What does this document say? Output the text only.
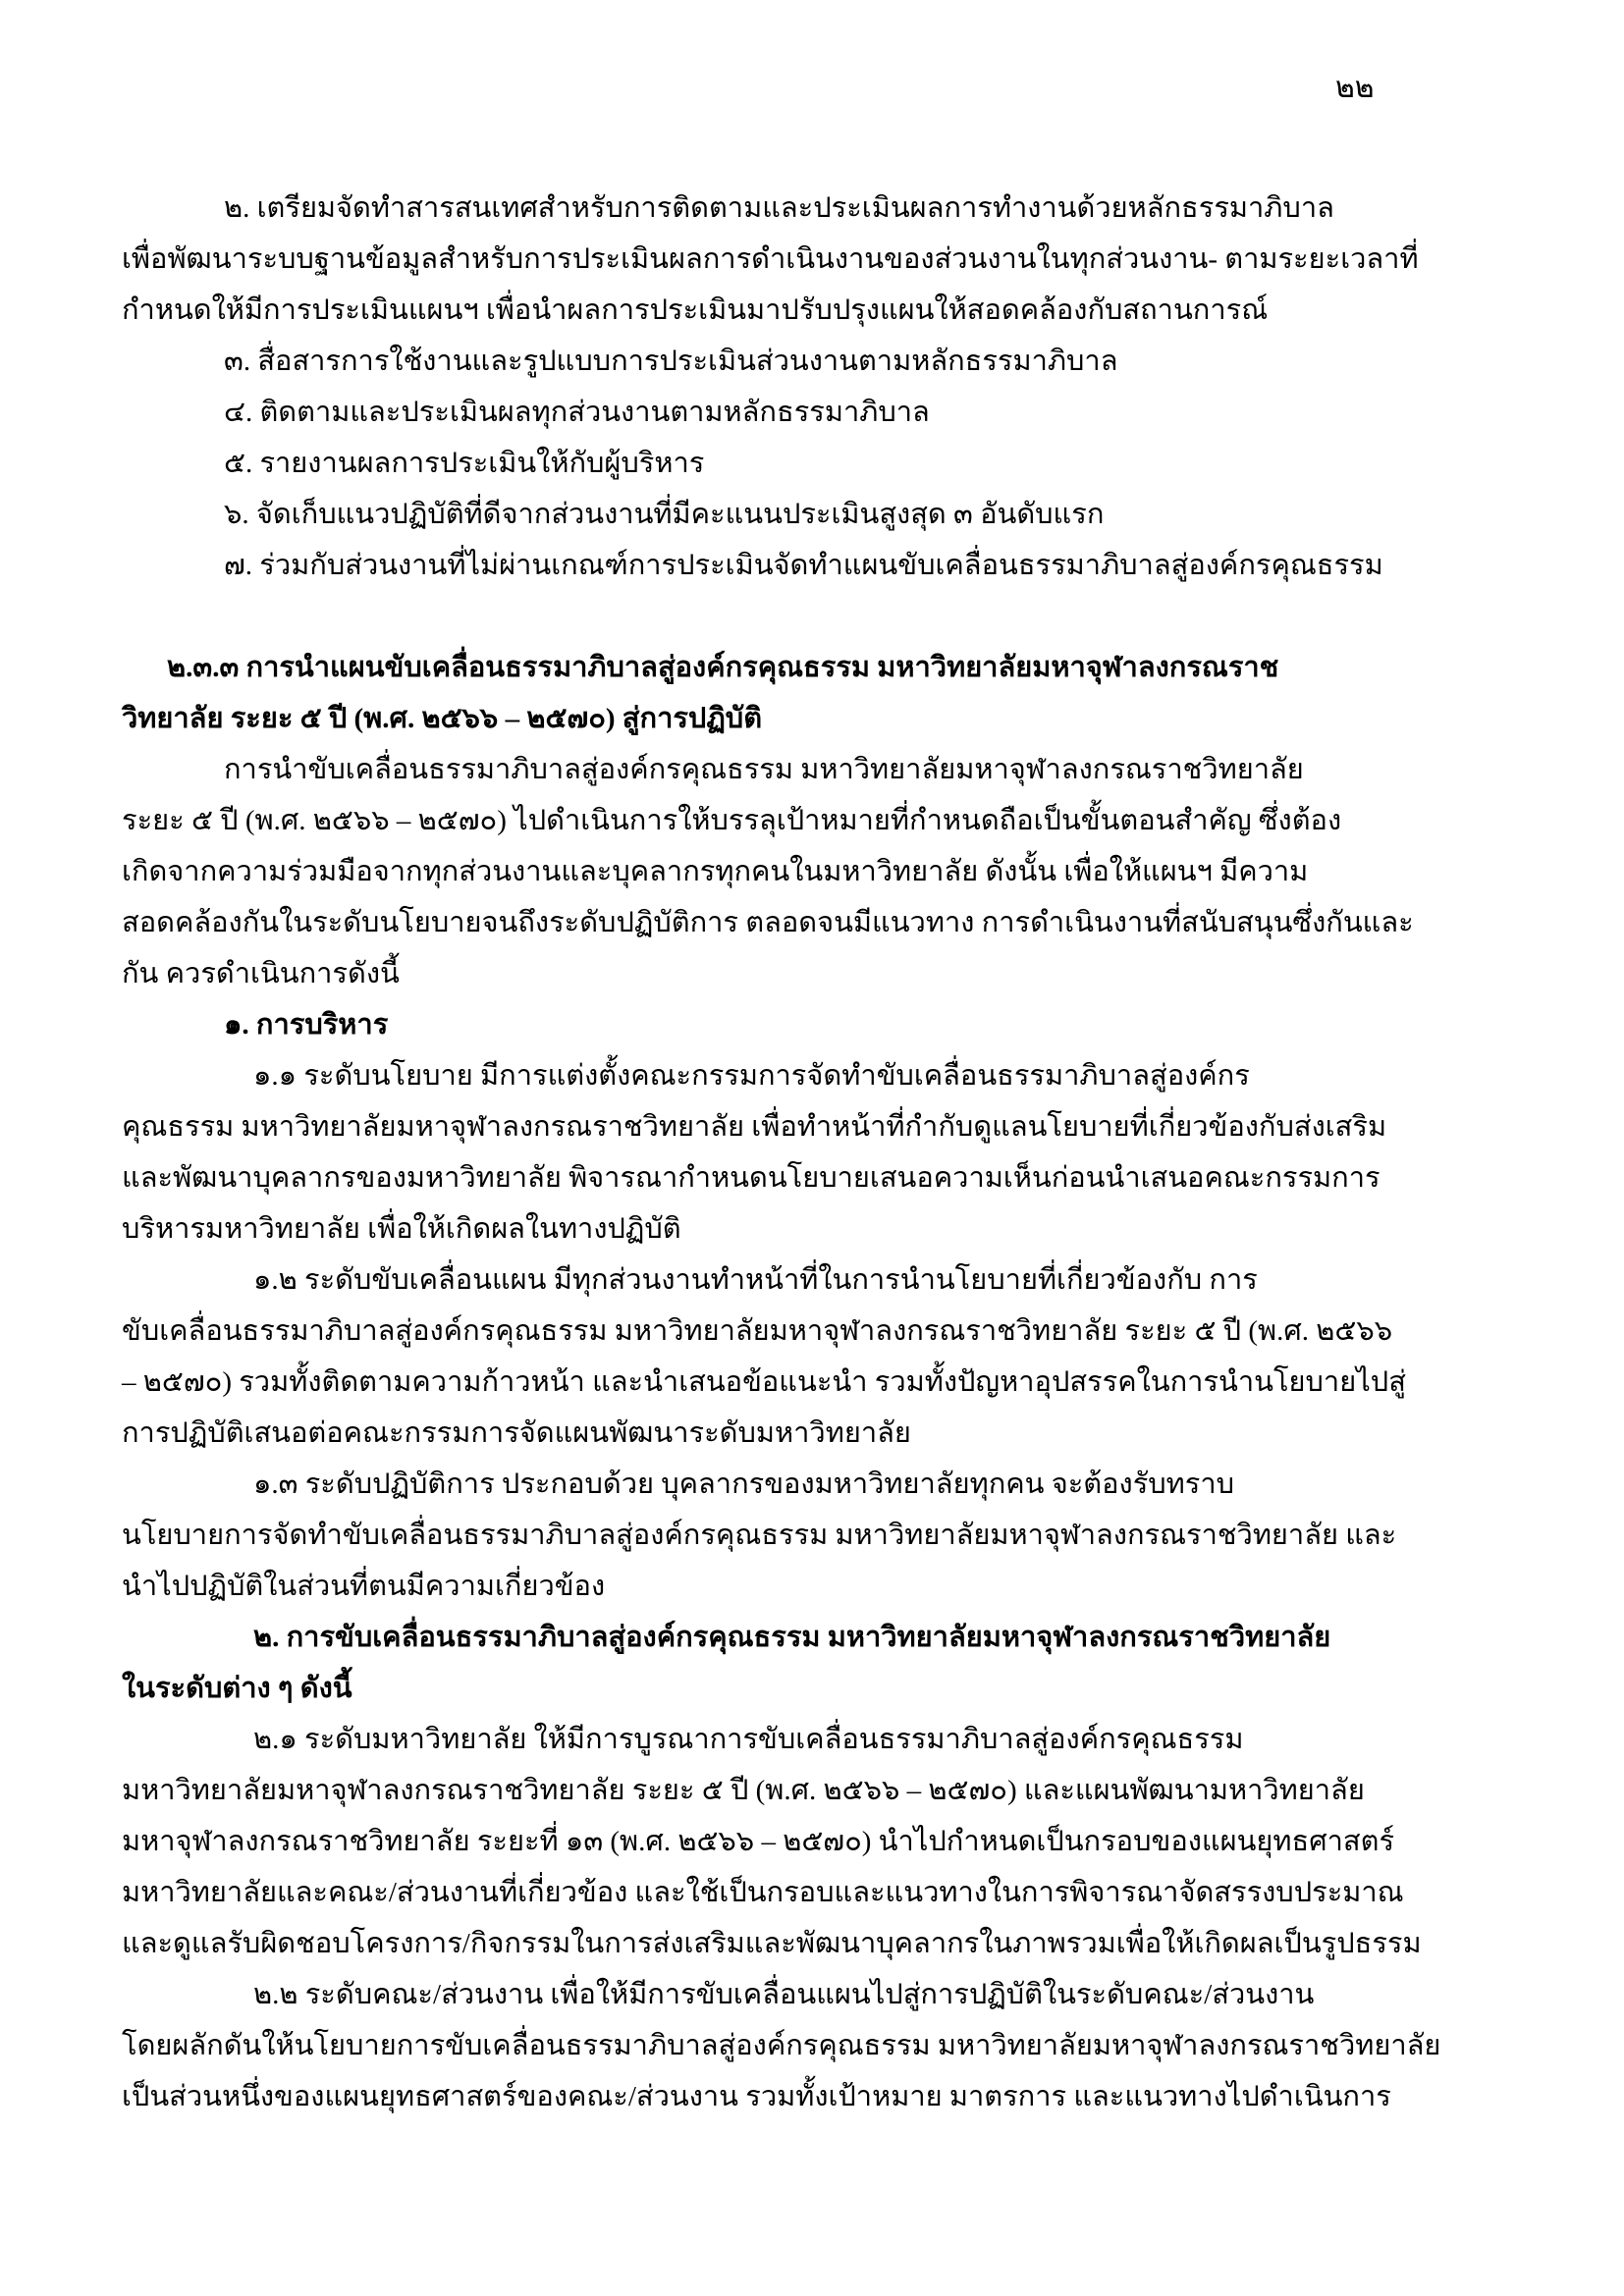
๒๒
๒. เตรียมจัดทำสารสนเทศสำหรับการติดตามและประเมินผลการทำงานด้วยหลักธรรมาภิบาล
เพื่อพัฒนาระบบฐานข้อมูลสำหรับการประเมินผลการดำเนินงานของส่วนงานในทุกส่วนงาน- ตามระยะเวลาที่
กำหนดให้มีการประเมินแผนฯ เพื่อนำผลการประเมินมาปรับปรุงแผนให้สอดคล้องกับสถานการณ์
๓. สื่อสารการใช้งานและรูปแบบการประเมินส่วนงานตามหลักธรรมาภิบาล
๔. ติดตามและประเมินผลทุกส่วนงานตามหลักธรรมาภิบาล
๕. รายงานผลการประเมินให้กับผู้บริหาร
๖. จัดเก็บแนวปฏิบัติที่ดีจากส่วนงานที่มีคะแนนประเมินสูงสุด ๓ อันดับแรก
๗. ร่วมกับส่วนงานที่ไม่ผ่านเกณฑ์การประเมินจัดทำแผนขับเคลื่อนธรรมาภิบาลสู่องค์กรคุณธรรม
๒.๓.๓ การนำแผนขับเคลื่อนธรรมาภิบาลสู่องค์กรคุณธรรม มหาวิทยาลัยมหาจุฬาลงกรณราช
วิทยาลัย ระยะ ๕ ปี (พ.ศ. ๒๕๖๖ – ๒๕๗๐) สู่การปฏิบัติ
การนำขับเคลื่อนธรรมาภิบาลสู่องค์กรคุณธรรม มหาวิทยาลัยมหาจุฬาลงกรณราชวิทยาลัย
ระยะ ๕ ปี (พ.ศ. ๒๕๖๖ – ๒๕๗๐) ไปดำเนินการให้บรรลุเป้าหมายที่กำหนดถือเป็นขั้นตอนสำคัญ ซึ่งต้อง
เกิดจากความร่วมมือจากทุกส่วนงานและบุคลากรทุกคนในมหาวิทยาลัย ดังนั้น เพื่อให้แผนฯ มีความ
สอดคล้องกันในระดับนโยบายจนถึงระดับปฏิบัติการ ตลอดจนมีแนวทาง การดำเนินงานที่สนับสนุนซึ่งกันและ
กัน ควรดำเนินการดังนี้
๑. การบริหาร
๑.๑ ระดับนโยบาย มีการแต่งตั้งคณะกรรมการจัดทำขับเคลื่อนธรรมาภิบาลสู่องค์กร
คุณธรรม มหาวิทยาลัยมหาจุฬาลงกรณราชวิทยาลัย เพื่อทำหน้าที่กำกับดูแลนโยบายที่เกี่ยวข้องกับส่งเสริม
และพัฒนาบุคลากรของมหาวิทยาลัย พิจารณากำหนดนโยบายเสนอความเห็นก่อนนำเสนอคณะกรรมการ
บริหารมหาวิทยาลัย เพื่อให้เกิดผลในทางปฏิบัติ
๑.๒ ระดับขับเคลื่อนแผน มีทุกส่วนงานทำหน้าที่ในการนำนโยบายที่เกี่ยวข้องกับ การ
ขับเคลื่อนธรรมาภิบาลสู่องค์กรคุณธรรม มหาวิทยาลัยมหาจุฬาลงกรณราชวิทยาลัย ระยะ ๕ ปี (พ.ศ. ๒๕๖๖
– ๒๕๗๐) รวมทั้งติดตามความก้าวหน้า และนำเสนอข้อแนะนำ รวมทั้งปัญหาอุปสรรคในการนำนโยบายไปสู่
การปฏิบัติเสนอต่อคณะกรรมการจัดแผนพัฒนาระดับมหาวิทยาลัย
๑.๓ ระดับปฏิบัติการ ประกอบด้วย บุคลากรของมหาวิทยาลัยทุกคน จะต้องรับทราบ
นโยบายการจัดทำขับเคลื่อนธรรมาภิบาลสู่องค์กรคุณธรรม มหาวิทยาลัยมหาจุฬาลงกรณราชวิทยาลัย และ
นำไปปฏิบัติในส่วนที่ตนมีความเกี่ยวข้อง
๒. การขับเคลื่อนธรรมาภิบาลสู่องค์กรคุณธรรม มหาวิทยาลัยมหาจุฬาลงกรณราชวิทยาลัย
ในระดับต่าง ๆ ดังนี้
๒.๑ ระดับมหาวิทยาลัย ให้มีการบูรณาการขับเคลื่อนธรรมาภิบาลสู่องค์กรคุณธรรม
มหาวิทยาลัยมหาจุฬาลงกรณราชวิทยาลัย ระยะ ๕ ปี (พ.ศ. ๒๕๖๖ – ๒๕๗๐) และแผนพัฒนามหาวิทยาลัย
มหาจุฬาลงกรณราชวิทยาลัย ระยะที่ ๑๓ (พ.ศ. ๒๕๖๖ – ๒๕๗๐) นำไปกำหนดเป็นกรอบของแผนยุทธศาสตร์
มหาวิทยาลัยและคณะ/ส่วนงานที่เกี่ยวข้อง และใช้เป็นกรอบและแนวทางในการพิจารณาจัดสรรงบประมาณ
และดูแลรับผิดชอบโครงการ/กิจกรรมในการส่งเสริมและพัฒนาบุคลากรในภาพรวมเพื่อให้เกิดผลเป็นรูปธรรม
๒.๒ ระดับคณะ/ส่วนงาน เพื่อให้มีการขับเคลื่อนแผนไปสู่การปฏิบัติในระดับคณะ/ส่วนงาน
โดยผลักดันให้นโยบายการขับเคลื่อนธรรมาภิบาลสู่องค์กรคุณธรรม มหาวิทยาลัยมหาจุฬาลงกรณราชวิทยาลัย
เป็นส่วนหนึ่งของแผนยุทธศาสตร์ของคณะ/ส่วนงาน รวมทั้งเป้าหมาย มาตรการ และแนวทางไปดำเนินการ
